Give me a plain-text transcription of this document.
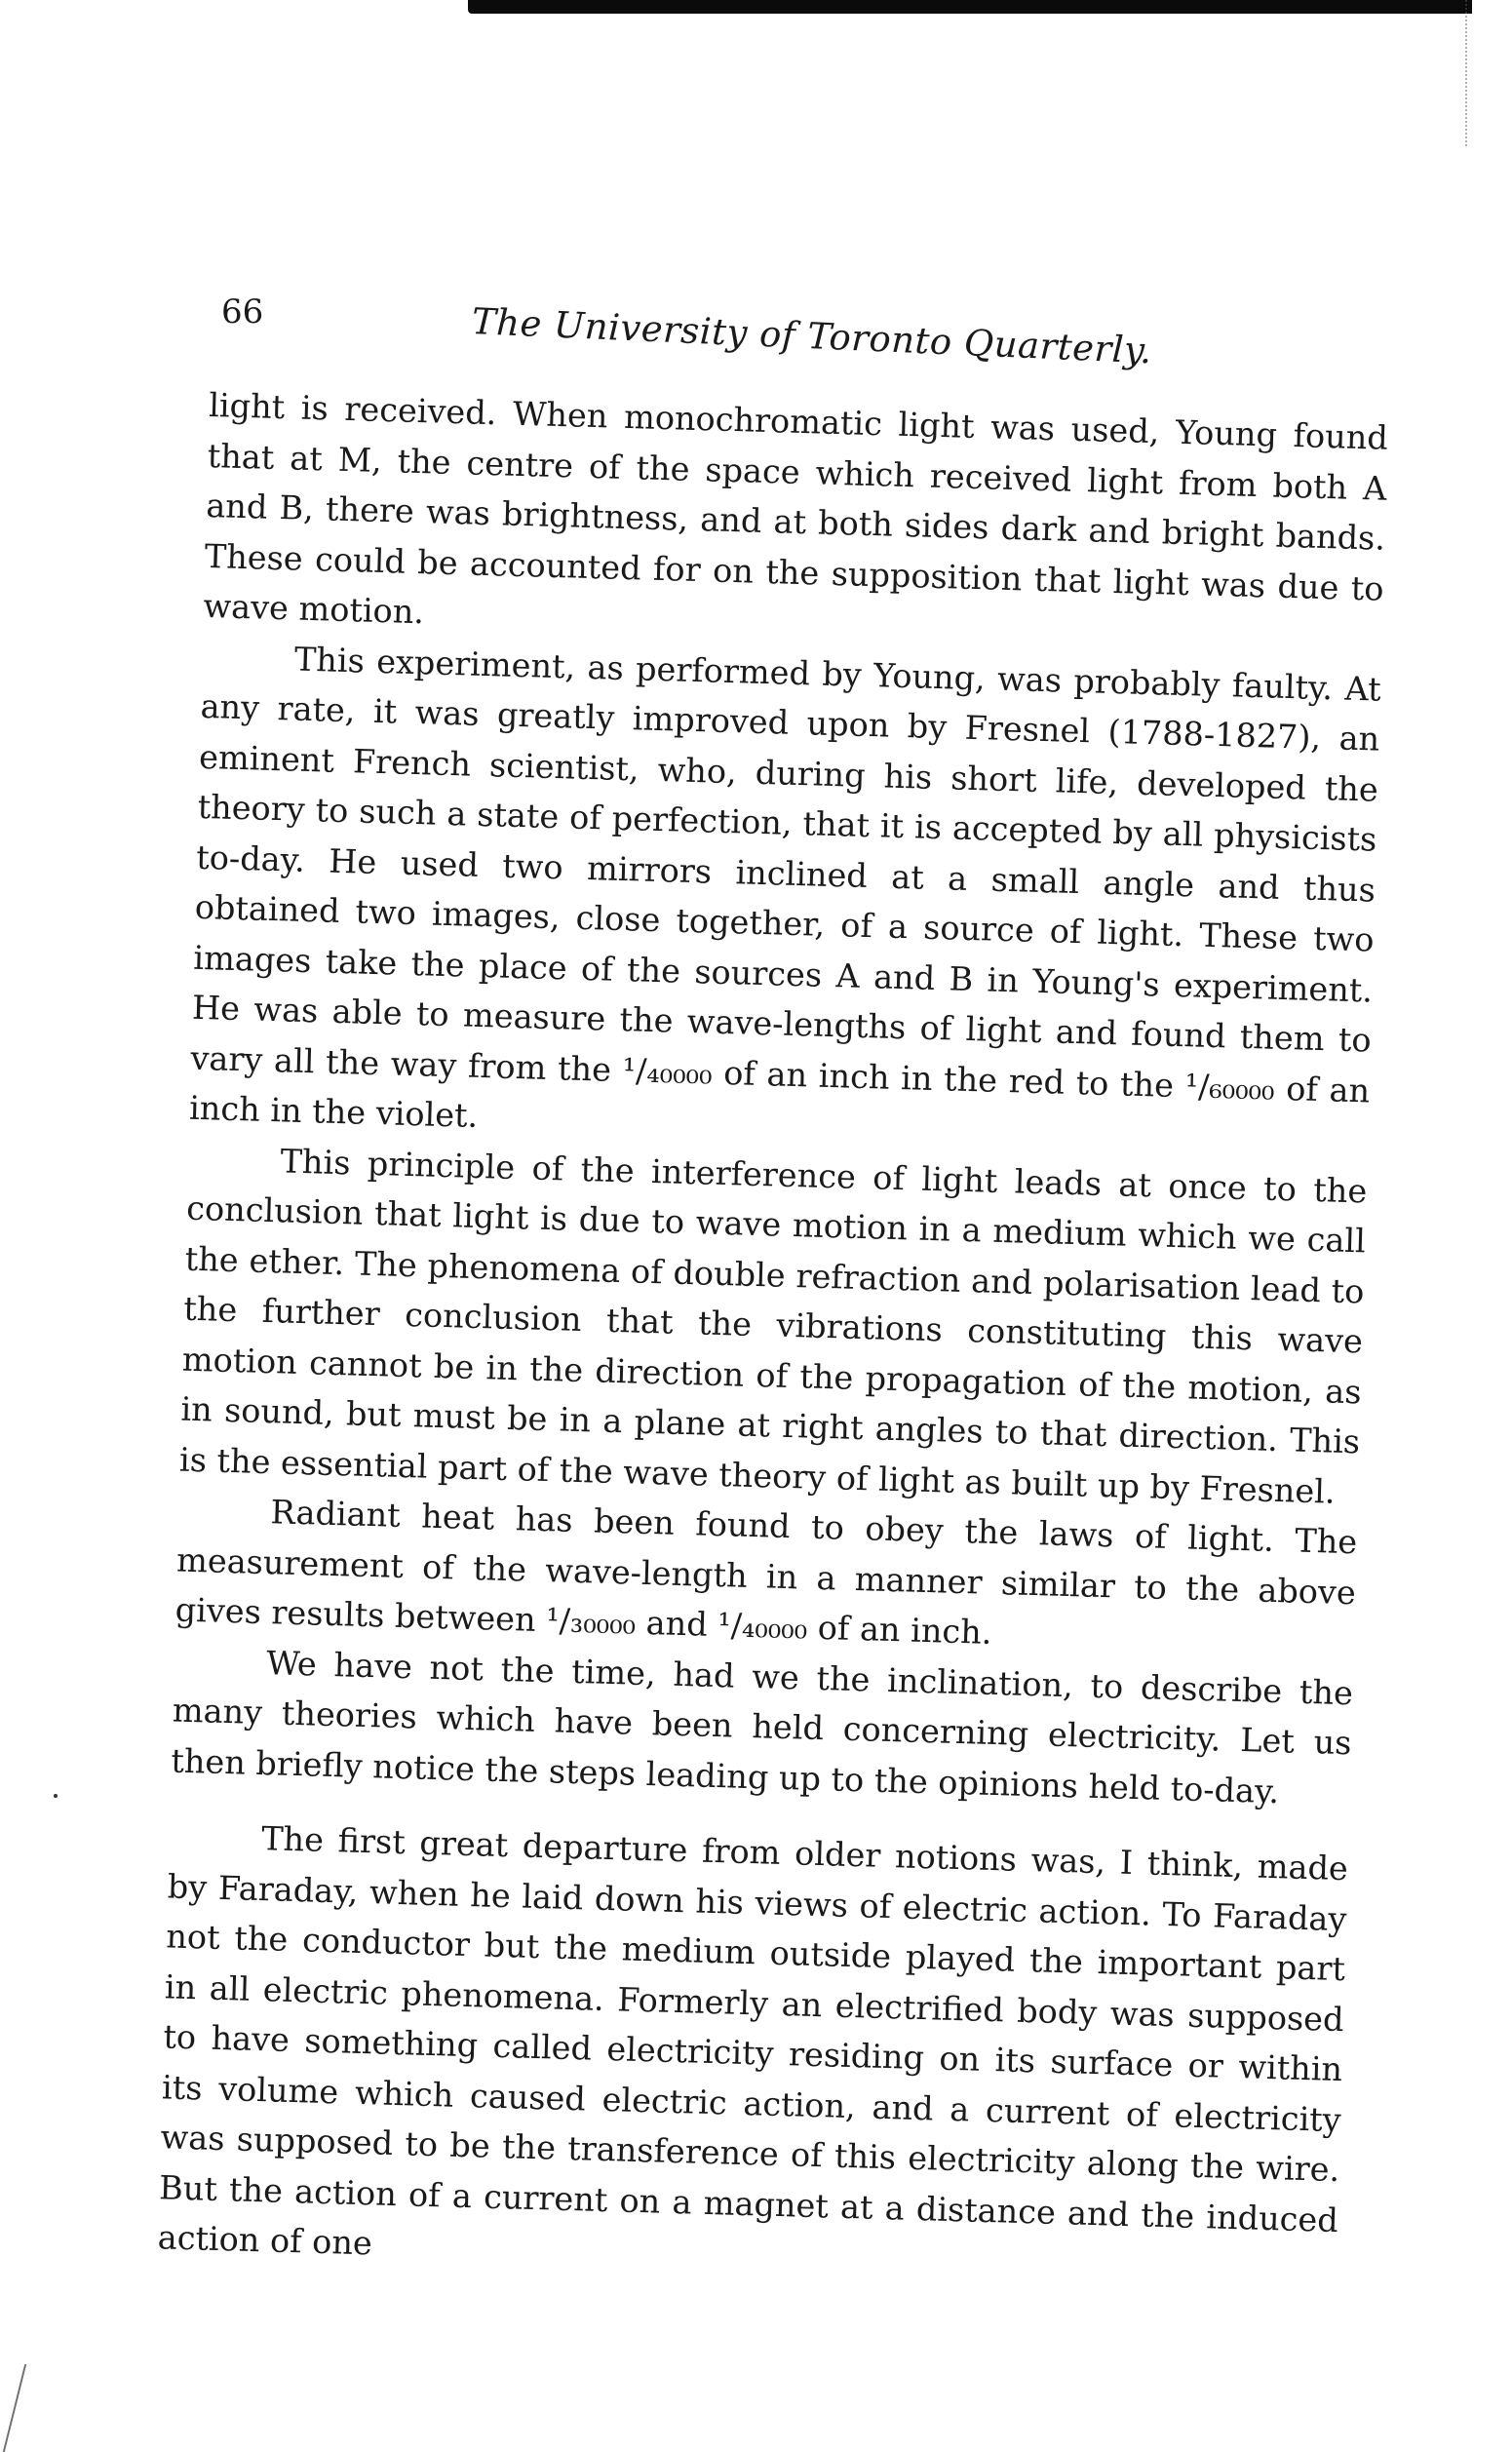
66	The University of Toronto Quarterly.

light is received. When monochromatic light was used, Young found that at M, the centre of the space which received light from both A and B, there was brightness, and at both sides dark and bright bands. These could be accounted for on the supposition that light was due to wave motion.

This experiment, as performed by Young, was probably faulty. At any rate, it was greatly improved upon by Fresnel (1788-1827), an eminent French scientist, who, during his short life, developed the theory to such a state of perfection, that it is accepted by all physicists to-day. He used two mirrors inclined at a small angle and thus obtained two images, close together, of a source of light. These two images take the place of the sources A and B in Young's experiment. He was able to measure the wave-lengths of light and found them to vary all the way from the ¹/₄₀₀₀₀ of an inch in the red to the ¹/₆₀₀₀₀ of an inch in the violet.

This principle of the interference of light leads at once to the conclusion that light is due to wave motion in a medium which we call the ether. The phenomena of double refraction and polarisation lead to the further conclusion that the vibrations constituting this wave motion cannot be in the direction of the propagation of the motion, as in sound, but must be in a plane at right angles to that direction. This is the essential part of the wave theory of light as built up by Fresnel.

Radiant heat has been found to obey the laws of light. The measurement of the wave-length in a manner similar to the above gives results between ¹/₃₀₀₀₀ and ¹/₄₀₀₀₀ of an inch.

We have not the time, had we the inclination, to describe the many theories which have been held concerning electricity. Let us then briefly notice the steps leading up to the opinions held to-day.

The first great departure from older notions was, I think, made by Faraday, when he laid down his views of electric action. To Faraday not the conductor but the medium outside played the important part in all electric phenomena. Formerly an electrified body was supposed to have something called electricity residing on its surface or within its volume which caused electric action, and a current of electricity was supposed to be the transference of this electricity along the wire. But the action of a current on a magnet at a distance and the induced action of one
